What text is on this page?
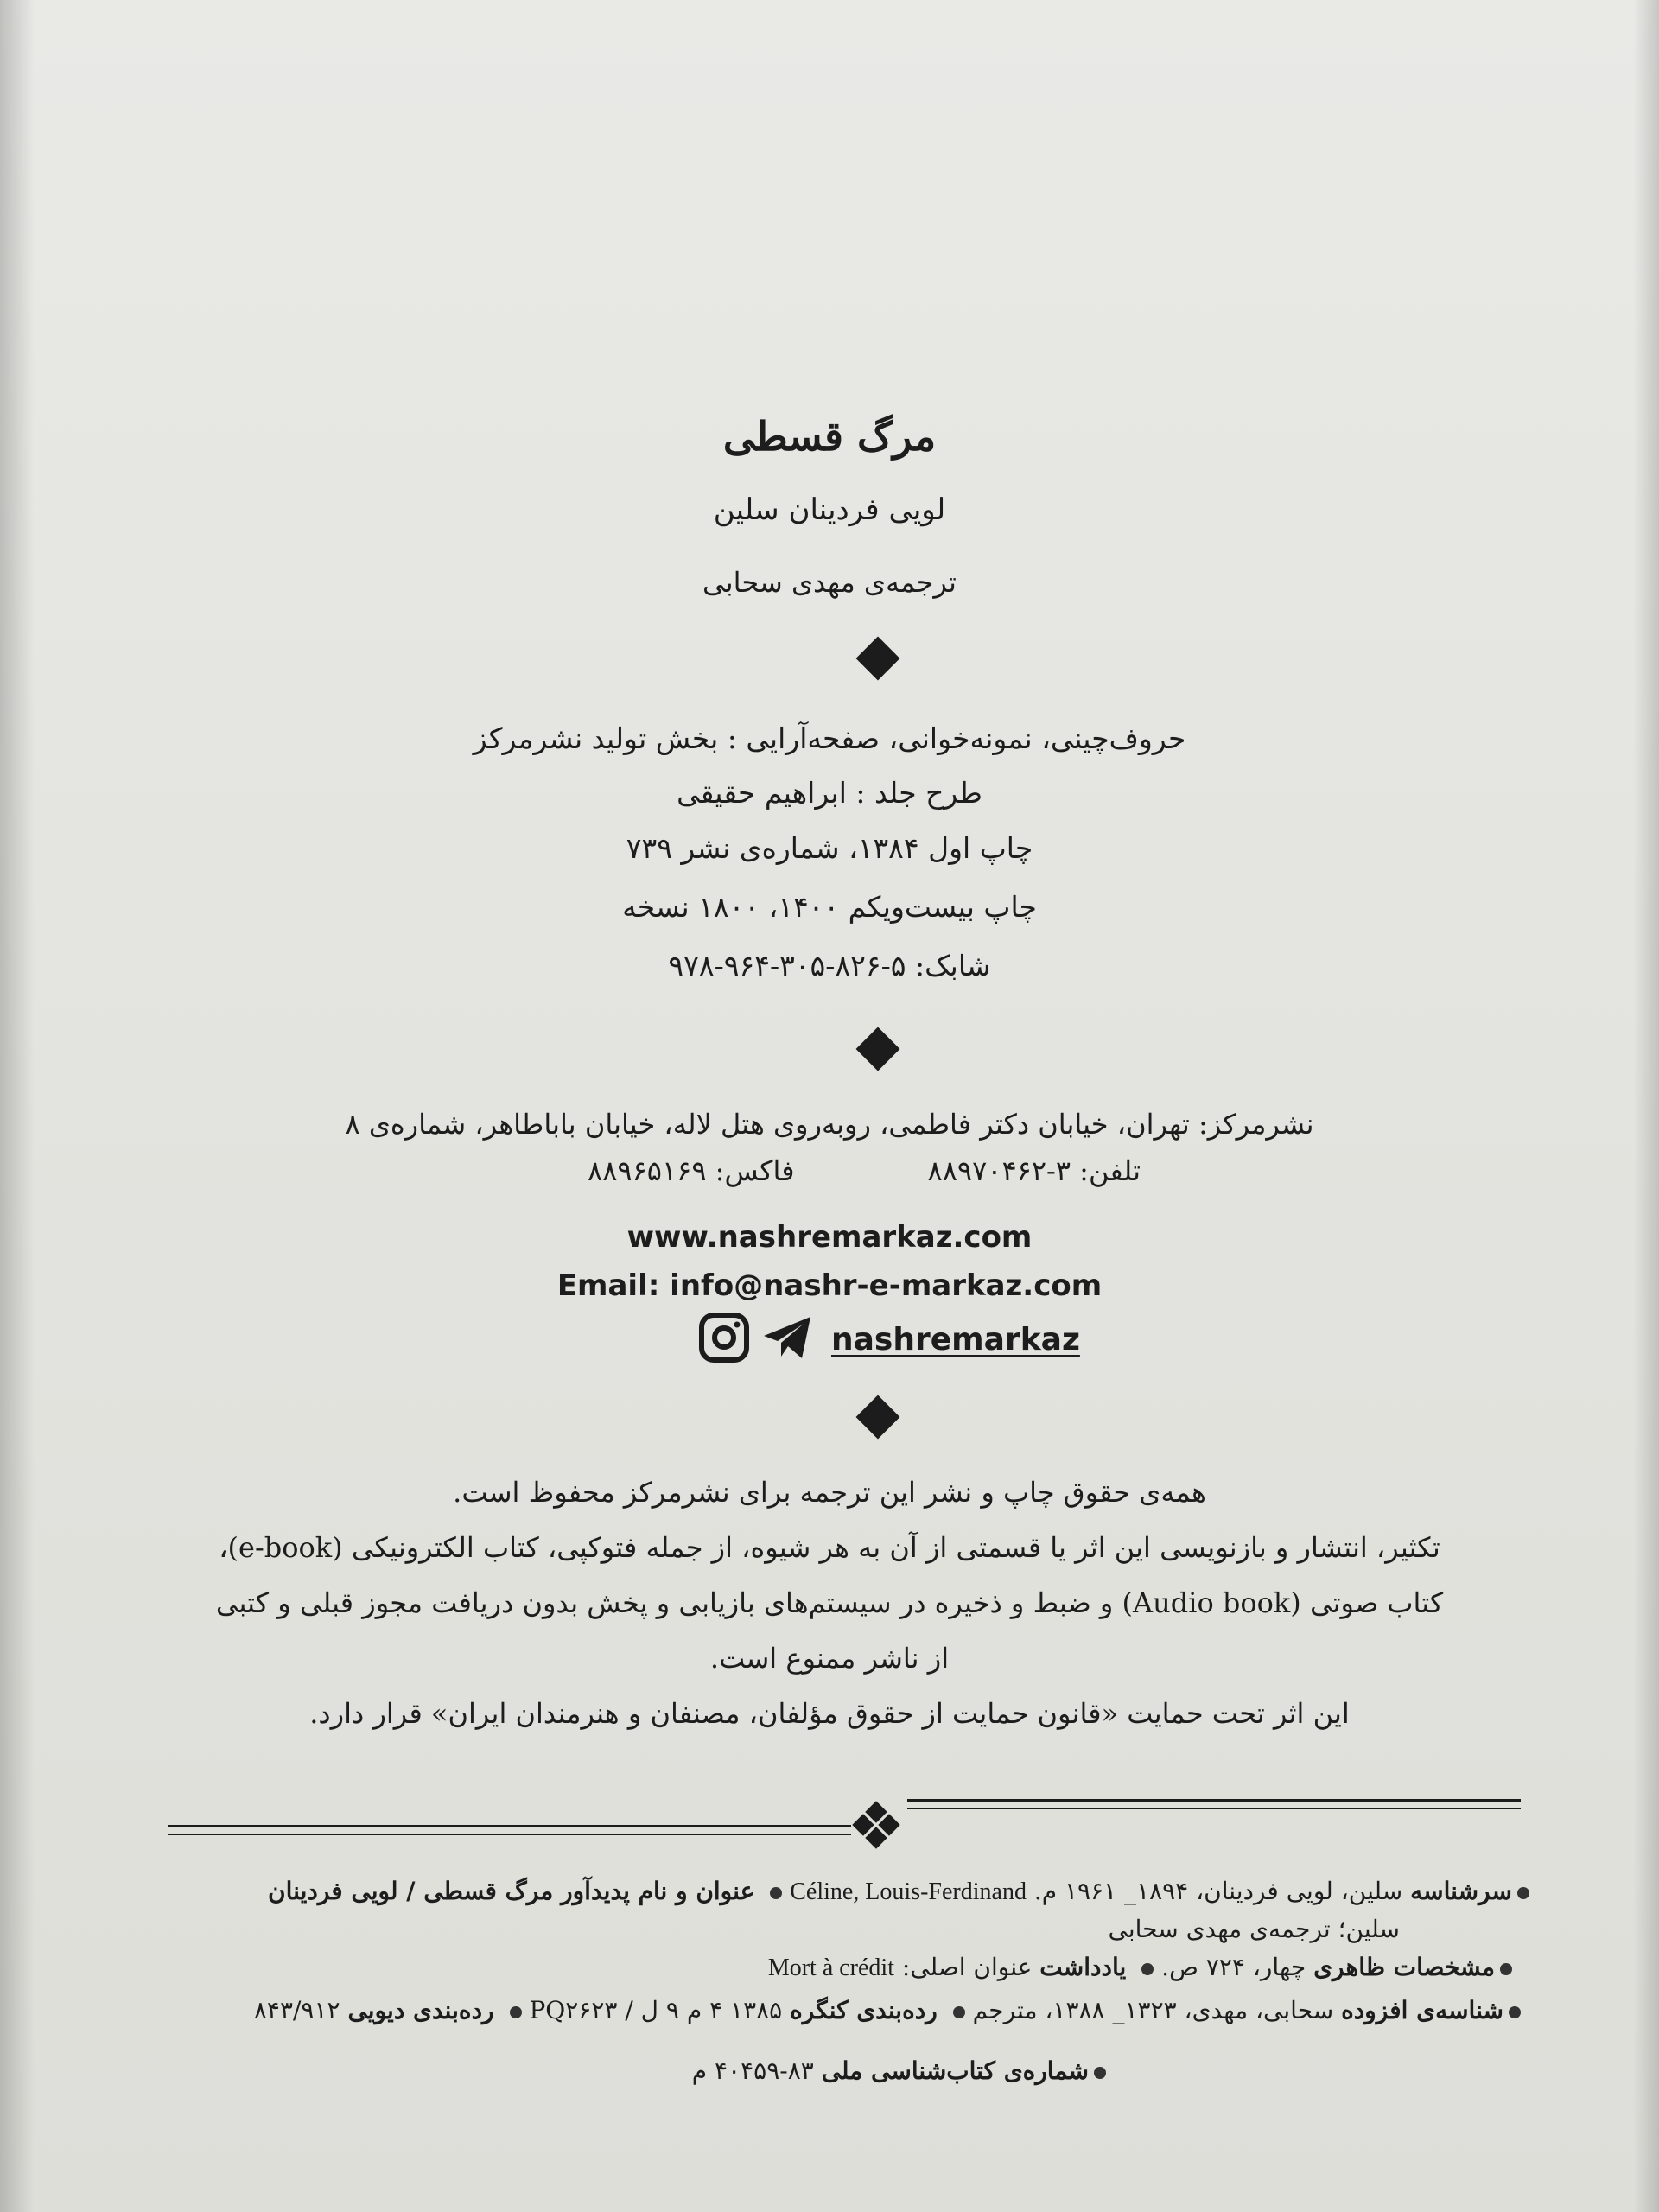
مرگ قسطی
لویی فردینان سلین
ترجمه‌ی مهدی سحابی
حروف‌چینی، نمونه‌خوانی، صفحه‌آرایی : بخش تولید نشرمرکز
طرح جلد : ابراهیم حقیقی
چاپ اول ۱۳۸۴، شماره‌ی نشر ۷۳۹
چاپ بیست‌ویکم ۱۴۰۰، ۱۸۰۰ نسخه
شابک: ۵-۸۲۶-۳۰۵-۹۶۴-۹۷۸
نشرمرکز: تهران، خیابان دکتر فاطمی، روبه‌روی هتل لاله، خیابان باباطاهر، شماره‌ی ۸
تلفن: ۳-۸۸۹۷۰۴۶۲
فاکس: ۸۸۹۶۵۱۶۹
www.nashremarkaz.com
Email: info@nashr-e-markaz.com
nashremarkaz
همه‌ی حقوق چاپ و نشر این ترجمه برای نشرمرکز محفوظ است.
تکثیر، انتشار و بازنویسی این اثر یا قسمتی از آن به هر شیوه، از جمله فتوکپی، کتاب الکترونیکی (e-book)،
کتاب صوتی (Audio book) و ضبط و ذخیره در سیستم‌های بازیابی و پخش بدون دریافت مجوز قبلی و کتبی
از ناشر ممنوع است.
این اثر تحت حمایت «قانون حمایت از حقوق مؤلفان، مصنفان و هنرمندان ایران» قرار دارد.
سرشناسه سلین، لویی فردینان، ۱۸۹۴_ ۱۹۶۱ م. Céline, Louis-Ferdinand عنوان و نام پدیدآور مرگ قسطی / لویی فردینان
سلین؛ ترجمه‌ی مهدی سحابی
مشخصات ظاهری چهار، ۷۲۴ ص. یادداشت عنوان اصلی: Mort à crédit
شناسه‌ی افزوده سحابی، مهدی، ۱۳۲۳_ ۱۳۸۸، مترجم رده‌بندی کنگره ۱۳۸۵ ۴ م ۹ ل / PQ۲۶۲۳ رده‌بندی دیویی ۸۴۳/۹۱۲
شماره‌ی کتاب‌شناسی ملی ۸۳-۴۰۴۵۹ م
